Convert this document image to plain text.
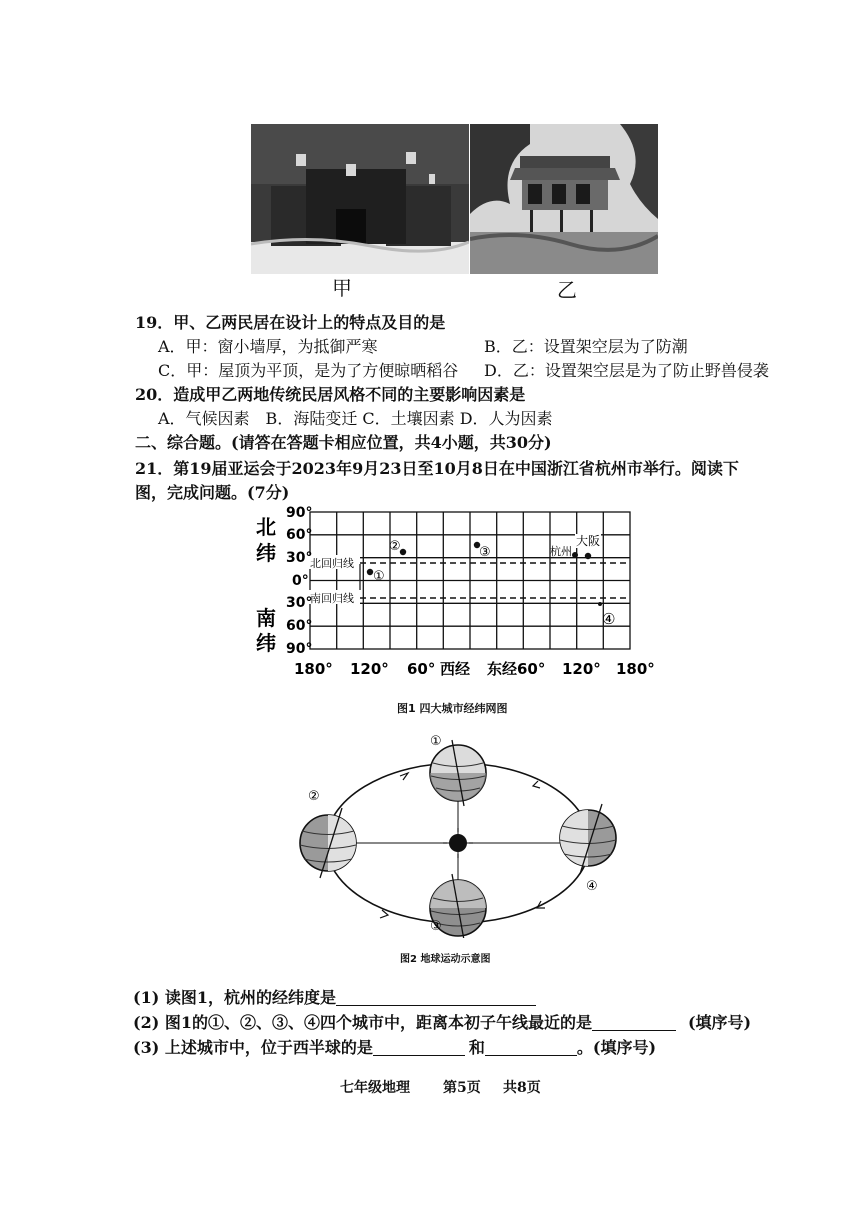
甲	乙
19．甲、乙两民居在设计上的特点及目的是
A．甲：窗小墙厚，为抵御严寒	B．乙：设置架空层为了防潮
C．甲：屋顶为平顶，是为了方便晾晒稻谷 D．乙：设置架空层是为了防止野兽侵袭
20．造成甲乙两地传统民居风格不同的主要影响因素是
A．气候因素　B．海陆变迁 C．土壤因素 D．人为因素
二、综合题。(请答在答题卡相应位置，共4小题，共30分)
21．第19届亚运会于2023年9月23日至10月8日在中国浙江省杭州市举行。阅读下
图，完成问题。(7分)
北回归线
南回归线
90°
60°
30°
0°
30°
60°
90°
北
纬
南
纬
180° 120° 60° 西经 东经60° 120° 180°
①
②	③	杭州
大阪
④
图1 四大城市经纬网图
①
②
③
④
图2 地球运动示意图
(1) 读图1，杭州的经纬度是
(2) 图1的①、②、③、④四个城市中，距离本初子午线最近的是	(填序号)
(3) 上述城市中，位于西半球的是	和	。(填序号)
七年级地理 第5页 共8页
